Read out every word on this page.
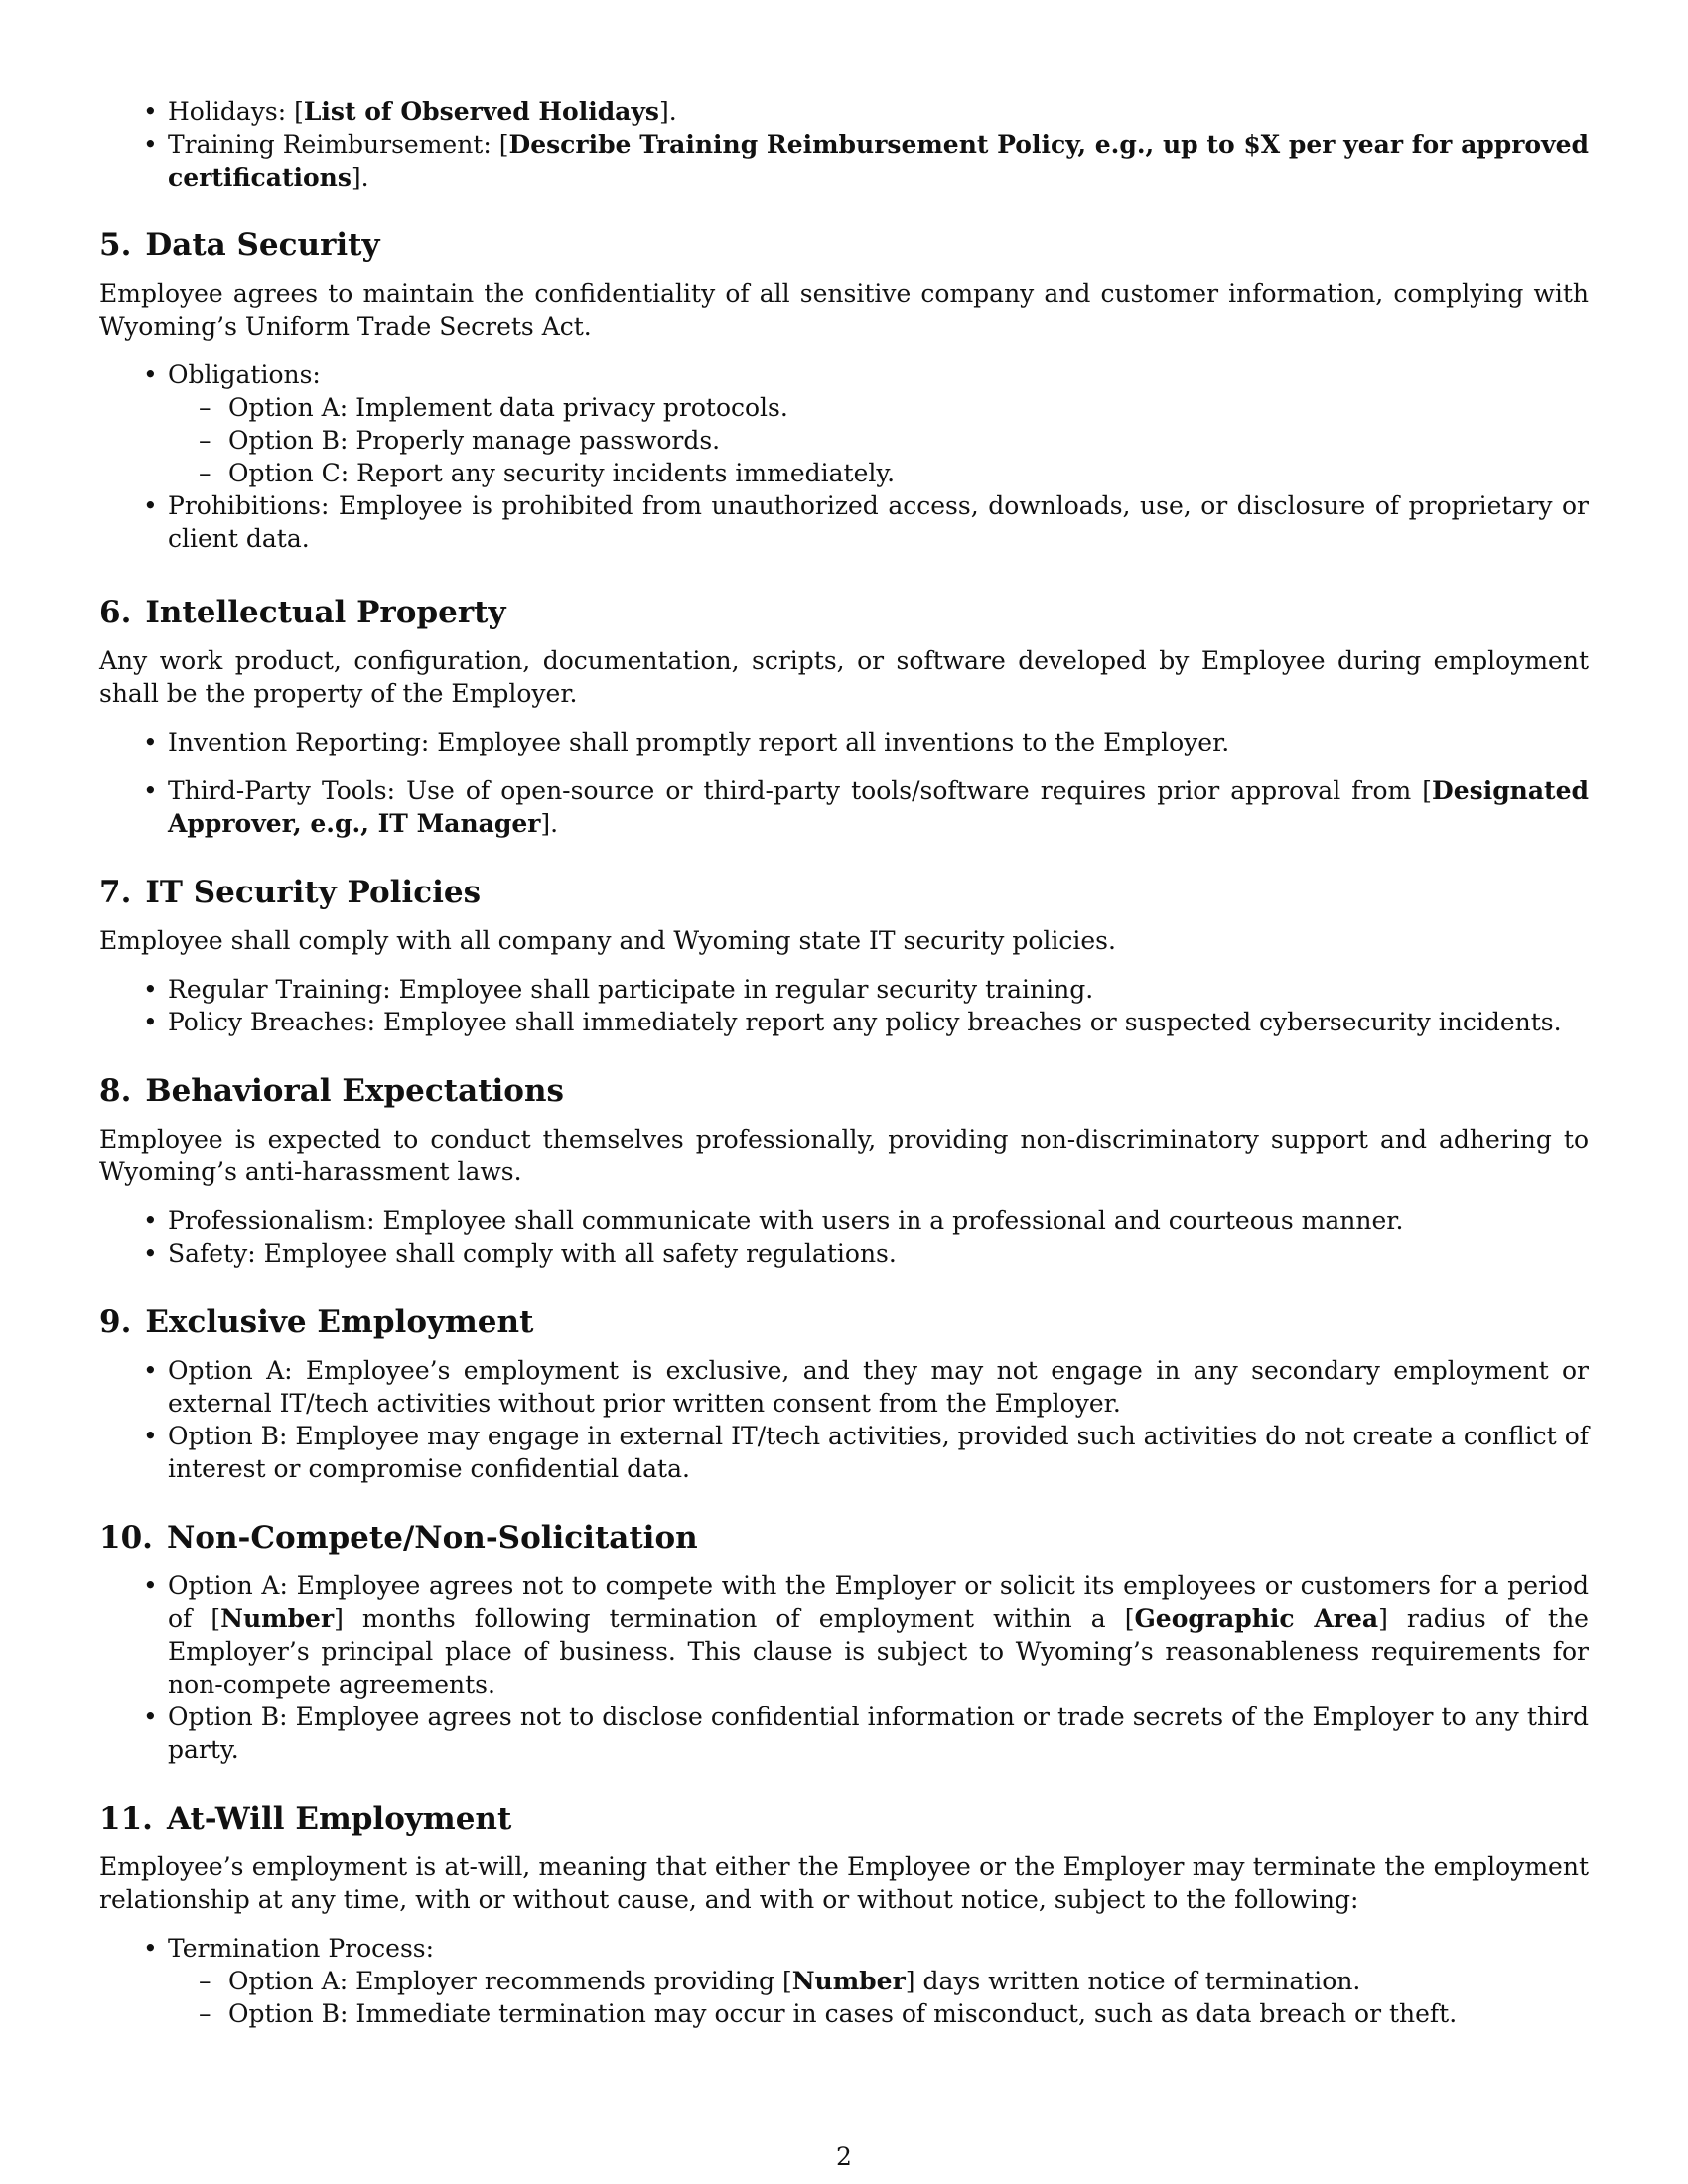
• Holidays: [List of Observed Holidays].
• Training Reimbursement: [Describe Training Reimbursement Policy, e.g., up to $X per year for approved certifications].
5. Data Security

Employee agrees to maintain the confidentiality of all sensitive company and customer information, complying with Wyoming’s Uniform Trade Secrets Act.

• Obligations:
– Option A: Implement data privacy protocols.
– Option B: Properly manage passwords.
– Option C: Report any security incidents immediately.
• Prohibitions: Employee is prohibited from unauthorized access, downloads, use, or disclosure of proprietary or client data.
6. Intellectual Property

Any work product, configuration, documentation, scripts, or software developed by Employee during employment shall be the property of the Employer.

• Invention Reporting: Employee shall promptly report all inventions to the Employer.
• Third-Party Tools: Use of open-source or third-party tools/software requires prior approval from [Designated Approver, e.g., IT Manager].
7. IT Security Policies

Employee shall comply with all company and Wyoming state IT security policies.

• Regular Training: Employee shall participate in regular security training.
• Policy Breaches: Employee shall immediately report any policy breaches or suspected cybersecurity incidents.
8. Behavioral Expectations

Employee is expected to conduct themselves professionally, providing non-discriminatory support and adhering to Wyoming’s anti-harassment laws.

• Professionalism: Employee shall communicate with users in a professional and courteous manner.
• Safety: Employee shall comply with all safety regulations.
9. Exclusive Employment
• Option A: Employee’s employment is exclusive, and they may not engage in any secondary employment or external IT/tech activities without prior written consent from the Employer.
• Option B: Employee may engage in external IT/tech activities, provided such activities do not create a conflict of interest or compromise confidential data.
10. Non-Compete/Non-Solicitation
• Option A: Employee agrees not to compete with the Employer or solicit its employees or customers for a period of [Number] months following termination of employment within a [Geographic Area] radius of the Employer’s principal place of business. This clause is subject to Wyoming’s reasonableness requirements for non-compete agreements.
• Option B: Employee agrees not to disclose confidential information or trade secrets of the Employer to any third party.
11. At-Will Employment

Employee’s employment is at-will, meaning that either the Employee or the Employer may terminate the employment relationship at any time, with or without cause, and with or without notice, subject to the following:

• Termination Process:
– Option A: Employer recommends providing [Number] days written notice of termination.
– Option B: Immediate termination may occur in cases of misconduct, such as data breach or theft.
2
